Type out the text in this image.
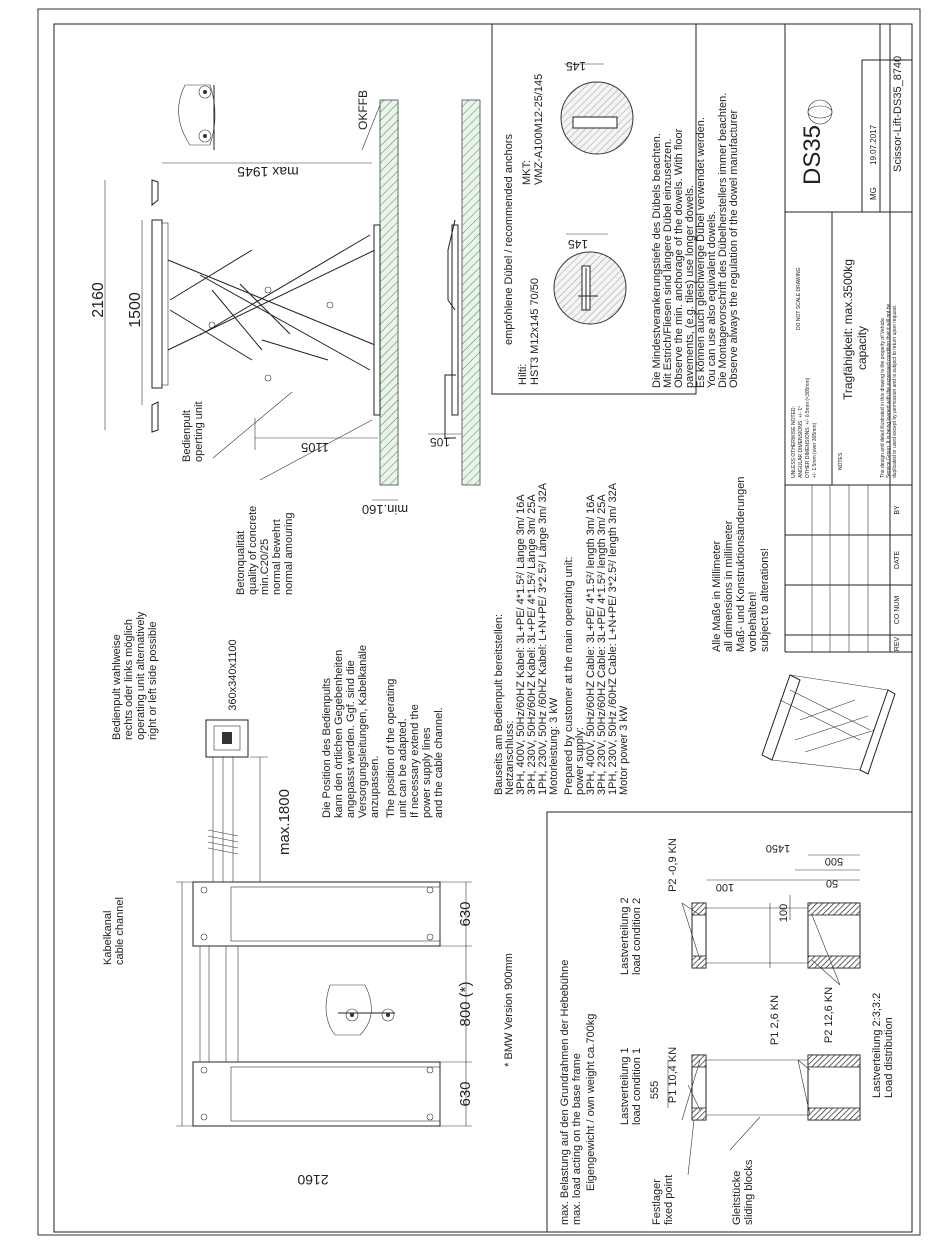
2160 1500
max 1945
1105	105
min.160
OKFFB
Bedienpult operting unit
Betonqualität quality of concrete min.C20/25 normal bewehrt normal amouring
2160
630
800 (*)
630
max.1800
360x340x1100
* BMW Version 900mm
Kabelkanal cable channel
Bedienpult wahlweise rechts oder links möglich operating unit alternatively right or left side possible	Die Position des Bedienpults kann den örtlichen Gegebenheiten angepasst werden. Ggf. sind die Versorgungsleitungen, Kabelkanäle anzupassen. The position of the operating unit can be adapted. If necessary extend the power supply lines and the cable channel.	Bauseits am Bedienpult bereitstellen: Netzanschluss: 3PH, 400V, 50Hz/60HZ Kabel: 3L+PE/ 4*1.5²/ Länge 3m/ 16A 3PH, 230V, 50Hz/60HZ Kabel: 3L+PE/ 4*1.5²/ Länge 3m/ 25A 1PH, 230V, 50Hz /60HZ Kabel: L+N+PE/ 3*2.5²/ Länge 3m/ 32A Motorleistung: 3 kW Prepared by customer at the main operating unit: power supply: 3PH, 400V, 50Hz/60HZ Cable: 3L+PE/ 4*1.5²/ length 3m/ 16A 3PH, 230V, 50Hz/60HZ Cable: 3L+PE/ 4*1.5²/ length 3m/ 25A 1PH, 230V, 50Hz /60HZ Cable: L+N+PE/ 3*2.5²/ length 3m/ 32A Motor power 3 kW
empfohlene Dübel / recommended anchors
Hilti: HST3 M12x145 70/50
MKT: VMZ-A100M12-25/145
145
145
Die Mindestverankerungstiefe des Dübels beachten. Mit Estrich/Fliesen sind längere Dübel einzusetzen. Observe the min. anchorage of the dowels. With floor pavements, (e.g. tiles) use longer dowels. Es können auch gleichwerige Dübel verwendet werden. You can use also equivalent dowels. Die Montagevorschrift des Dübelherstellers immer beachten. Observe always the regulation of the dowel manufacturer
max. Belastung auf den Grundrahmen der Hebebühne max. load acting on the base frame Eigengewicht / own weight ca.700kg Lastverteilung 1 load condition 1
Lastverteilung 2 load condition 2
P1 10,4 KN
P1 2,6 KN
P2 -0,9 KN
P2 12,6 KN
555
1450
100
100
500
50
Festlager fixed point	Gleitstücke sliding blocks
Lastverteilung 2:3;3:2 Load distribution
Alle Maße in Millimeter all dimensions in millimeter Maß- und Konstruktionsänderungen vorbehalten! subject to alterations!	REV
CO NUM
DATE
BY
NOTES
UNLESS OTHERWISE NOTED: ANGULAR DIMENSIONS: +/- 1° OTHER DIMENSIONS: +/- 0.5mm (<305mm) +/- 1.5mm (over 305mm)
DO NOT SCALE DRAWING	Tragfähigkeit: max.3500kg capacity
DS35
MG
19.07.2017 Scissor-Lift-DS35_8740
The design and detail illustrated in this drawing is the property of Vehicle Service Group. It is being loaned with the expressed condition that it will not be duplicated or used except by permission and is subject to return upon request.
